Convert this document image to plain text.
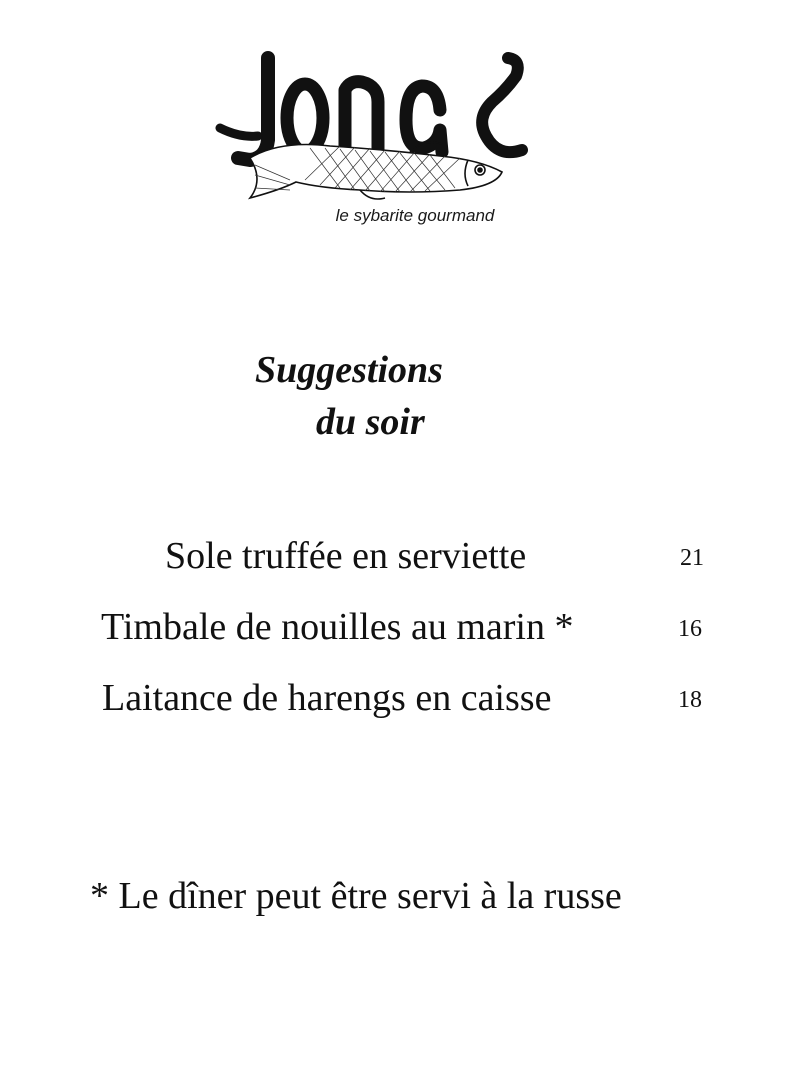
le sybarite gourmand
Suggestions
du soir
Sole truffée en serviette	21
Timbale de nouilles au marin *	16
Laitance de harengs en caisse	18
* Le dîner peut être servi à la russe
